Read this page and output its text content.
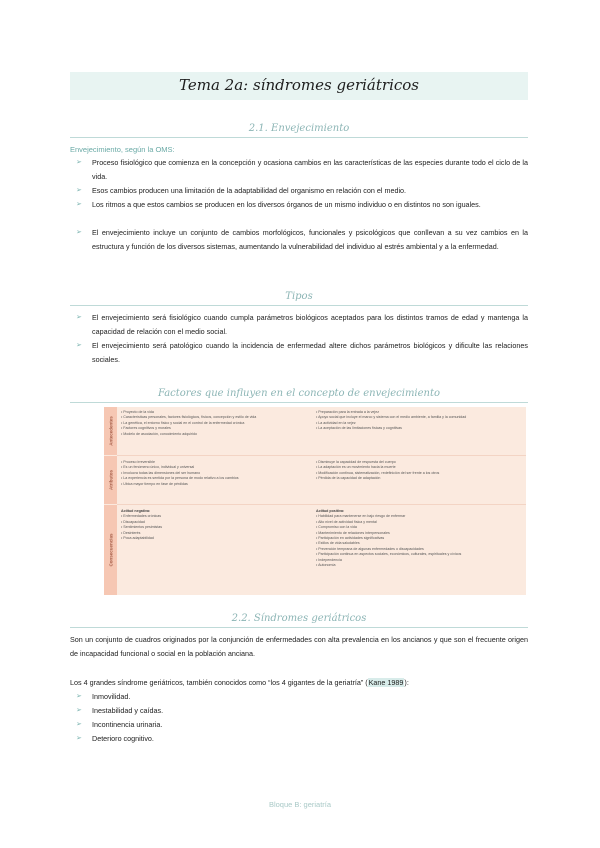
Tema 2a: síndromes geriátricos
2.1. Envejecimiento
Envejecimiento, según la OMS:
➢ Proceso fisiológico que comienza en la concepción y ocasiona cambios en las características de las especies durante todo el ciclo de la vida.
➢ Esos cambios producen una limitación de la adaptabilidad del organismo en relación con el medio.
➢ Los ritmos a que estos cambios se producen en los diversos órganos de un mismo individuo o en distintos no son iguales.
➢ El envejecimiento incluye un conjunto de cambios morfológicos, funcionales y psicológicos que conllevan a su vez cambios en la estructura y función de los diversos sistemas, aumentando la vulnerabilidad del individuo al estrés ambiental y a la enfermedad.
Tipos
➢ El envejecimiento será fisiológico cuando cumpla parámetros biológicos aceptados para los distintos tramos de edad y mantenga la capacidad de relación con el medio social.
➢ El envejecimiento será patológico cuando la incidencia de enfermedad altere dichos parámetros biológicos y dificulte las relaciones sociales.
Factores que influyen en el concepto de envejecimiento
Antecedentes
Atributos
Consecuencias
• Proyecto de la vida
• Características personales, factores fisiológicos, físicos, concepción y estilo de vida
• La genética, el entorno físico y social en el control de la enfermedad crónica
• Factores cognitivos y morales
• Modelo de asociación, conocimiento adquirido
• Preparación para la entrada a la vejez
• Apoyo social que incluye el marco y sistema con el medio ambiente, a familia y la comunidad
• La actividad en la vejez
• La aceptación de las limitaciones físicas y cognitivas
• Proceso irreversible
• Es un fenómeno único, individual y universal
• Involucra todas las dimensiones del ser humano
• La experiencia es sentida por la persona de modo relativo a los cambios
• Ubica mayor tiempo en fase de pérdidas
• Disminuye la capacidad de respuesta del cuerpo
• La adaptación es un movimiento hacia la muerte
• Modificación continua, sistematización, redefinición del ser frente a los otros
• Pérdida de la capacidad de adaptación
Actitud negativa:
• Enfermedades crónicas
• Discapacidad
• Sentimientos pesimistas
• Desinterés
• Poca adaptabilidad
Actitud positiva:
• Habilidad para mantenerse en bajo riesgo de enfermar
• Alto nivel de actividad física y mental
• Compromiso con la vida
• Mantenimiento de relaciones interpersonales
• Participación en actividades significativas
• Estilos de vida saludables
• Prevención temprana de algunas enfermedades o discapacidades
• Participación continua en aspectos sociales, económicos, culturales, espirituales y cívicos
• Independencia
• Autonomía
2.2. Síndromes geriátricos
Son un conjunto de cuadros originados por la conjunción de enfermedades con alta prevalencia en los ancianos y que son el frecuente origen de incapacidad funcional o social en la población anciana.
Los 4 grandes síndrome geriátricos, también conocidos como “los 4 gigantes de la geriatría” (Kane 1989):
➢ Inmovilidad.
➢ Inestabilidad y caídas.
➢ Incontinencia urinaria.
➢ Deterioro cognitivo.
Bloque B: geriatría
